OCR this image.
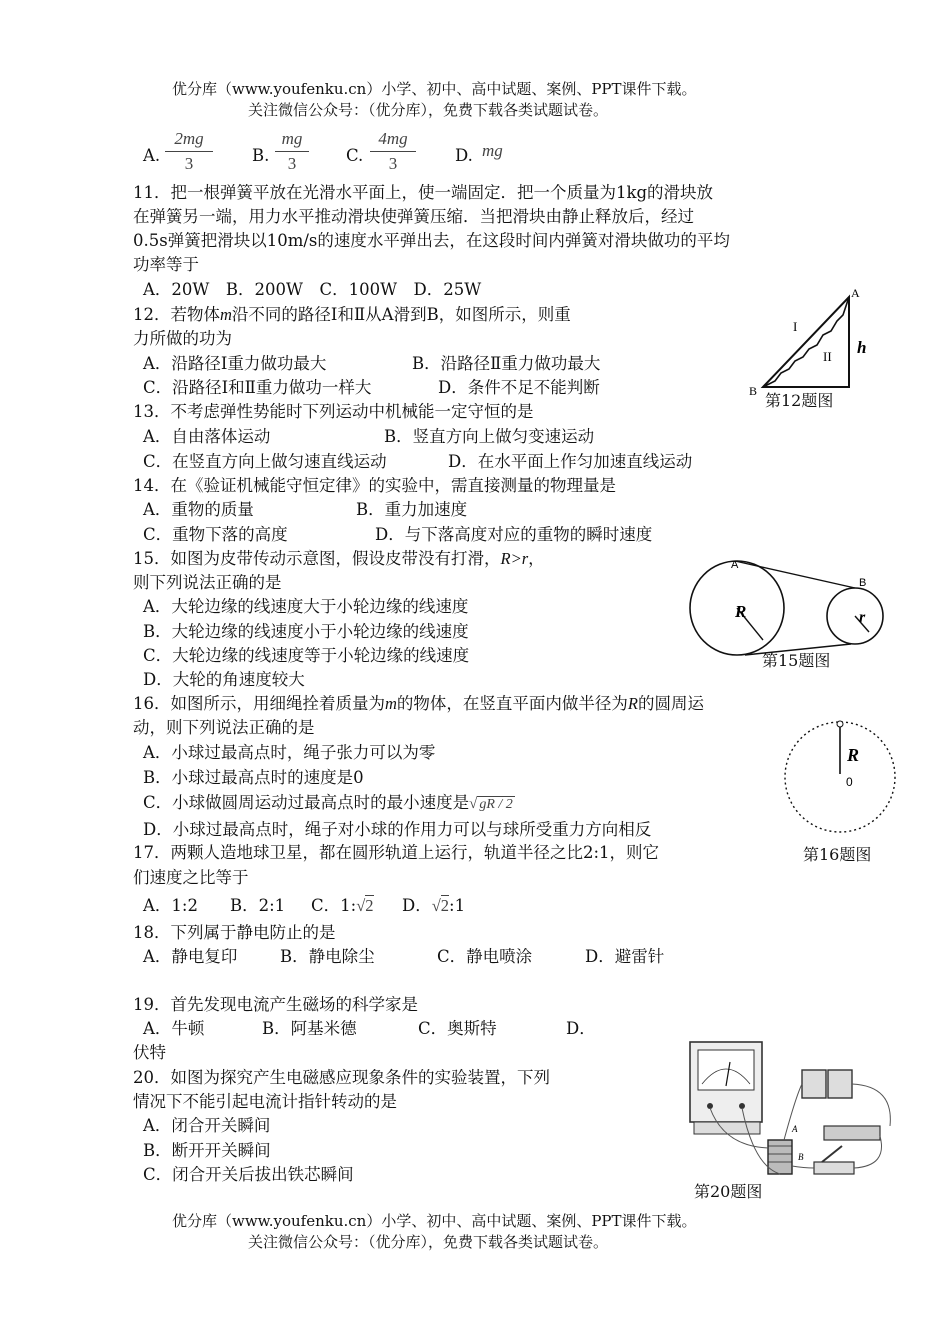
优分库（www.youfenku.cn）小学、初中、高中试题、案例、PPT课件下载。
关注微信公众号：（优分库），免费下载各类试题试卷。
A.
2mg
3	B.
mg
3	C.
4mg
3	D. mg
11．把一根弹簧平放在光滑水平面上，使一端固定．把一个质量为1kg的滑块放
在弹簧另一端，用力水平推动滑块使弹簧压缩．当把滑块由静止释放后，经过
0.5s弹簧把滑块以10m/s的速度水平弹出去，在这段时间内弹簧对滑块做功的平均
功率等于
A．20W　B．200W　C．100W　D．25W
12．若物体m沿不同的路径Ⅰ和Ⅱ从A滑到B，如图所示，则重
力所做的功为
A．沿路径Ⅰ重力做功最大	B．沿路径Ⅱ重力做功最大
C．沿路径Ⅰ和Ⅱ重力做功一样大	D．条件不足不能判断
A
B
h
I
II
第12题图
13．不考虑弹性势能时下列运动中机械能一定守恒的是
A．自由落体运动	B．竖直方向上做匀变速运动
C．在竖直方向上做匀速直线运动	D．在水平面上作匀加速直线运动
14．在《验证机械能守恒定律》的实验中，需直接测量的物理量是
A．重物的质量	B．重力加速度
C．重物下落的高度	D．与下落高度对应的重物的瞬时速度
15．如图为皮带传动示意图，假设皮带没有打滑，R>r，
则下列说法正确的是
A．大轮边缘的线速度大于小轮边缘的线速度
B．大轮边缘的线速度小于小轮边缘的线速度
C．大轮边缘的线速度等于小轮边缘的线速度
D．大轮的角速度较大
A
B
R	r
第15题图
16．如图所示，用细绳拴着质量为m的物体，在竖直平面内做半径为R的圆周运
动，则下列说法正确的是
A．小球过最高点时，绳子张力可以为零
B．小球过最高点时的速度是0
C．小球做圆周运动过最高点时的最小速度是√ gR / 2
D．小球过最高点时，绳子对小球的作用力可以与球所受重力方向相反
R
0
第16题图
17．两颗人造地球卫星，都在圆形轨道上运行，轨道半径之比2:1，则它
们速度之比等于
A．1:2 B．2:1 C．1:√2 D．√2:1
18．下列属于静电防止的是
A．静电复印	B．静电除尘	C．静电喷涂	D．避雷针
19．首先发现电流产生磁场的科学家是
A．牛顿	B．阿基米德	C．奥斯特	D．
伏特
20．如图为探究产生电磁感应现象条件的实验装置，下列
情况下不能引起电流计指针转动的是
A．闭合开关瞬间
B．断开开关瞬间
C．闭合开关后拔出铁芯瞬间
A
B
第20题图
优分库（www.youfenku.cn）小学、初中、高中试题、案例、PPT课件下载。
关注微信公众号：（优分库），免费下载各类试题试卷。
